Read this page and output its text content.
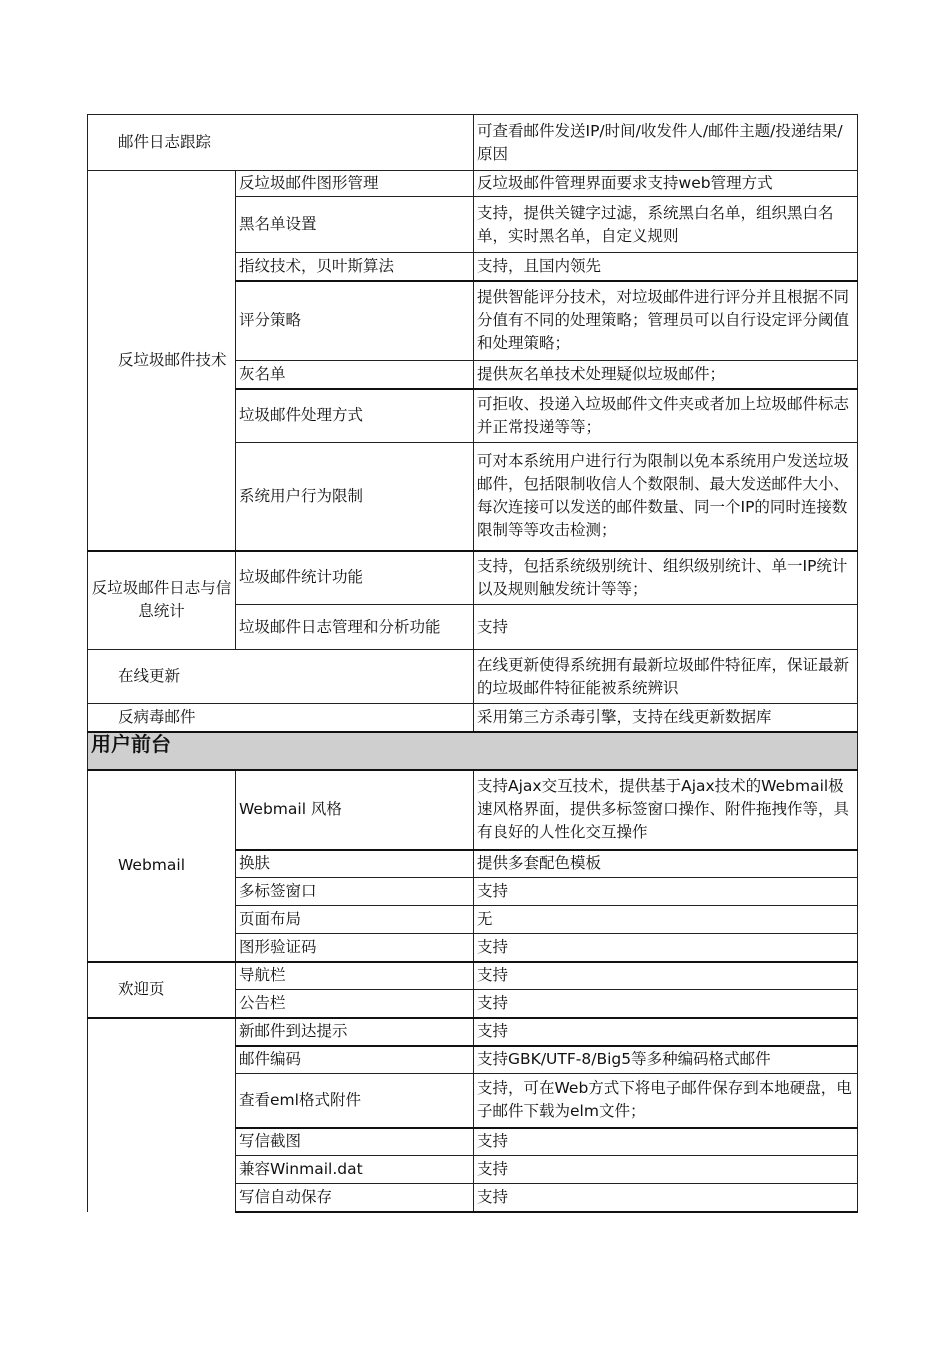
邮件日志跟踪		可查看邮件发送IP/时间/收发件人/邮件主题/投递结果/原因
反垃圾邮件技术	反垃圾邮件图形管理	反垃圾邮件管理界面要求支持web管理方式
	黑名单设置	支持，提供关键字过滤，系统黑白名单，组织黑白名单，实时黑名单，自定义规则
	指纹技术，贝叶斯算法	支持，且国内领先
	评分策略	提供智能评分技术，对垃圾邮件进行评分并且根据不同分值有不同的处理策略；管理员可以自行设定评分阈值和处理策略；
	灰名单	提供灰名单技术处理疑似垃圾邮件；
	垃圾邮件处理方式	可拒收、投递入垃圾邮件文件夹或者加上垃圾邮件标志并正常投递等等；
	系统用户行为限制	可对本系统用户进行行为限制以免本系统用户发送垃圾邮件，包括限制收信人个数限制、最大发送邮件大小、每次连接可以发送的邮件数量、同一个IP的同时连接数限制等等攻击检测；
反垃圾邮件日志与信息统计	垃圾邮件统计功能	支持，包括系统级别统计、组织级别统计、单一IP统计以及规则触发统计等等；
	垃圾邮件日志管理和分析功能	支持
在线更新		在线更新使得系统拥有最新垃圾邮件特征库，保证最新的垃圾邮件特征能被系统辨识
反病毒邮件		采用第三方杀毒引擎，支持在线更新数据库
用户前台		
Webmail	Webmail 风格	支持Ajax交互技术，提供基于Ajax技术的Webmail极速风格界面，提供多标签窗口操作、附件拖拽作等，具有良好的人性化交互操作
	换肤	提供多套配色模板
	多标签窗口	支持
	页面布局	无
	图形验证码	支持
欢迎页	导航栏	支持
	公告栏	支持
	新邮件到达提示	支持
	邮件编码	支持GBK/UTF-8/Big5等多种编码格式邮件
	查看eml格式附件	支持，可在Web方式下将电子邮件保存到本地硬盘，电子邮件下载为elm文件；
	写信截图	支持
	兼容Winmail.dat	支持
	写信自动保存	支持
